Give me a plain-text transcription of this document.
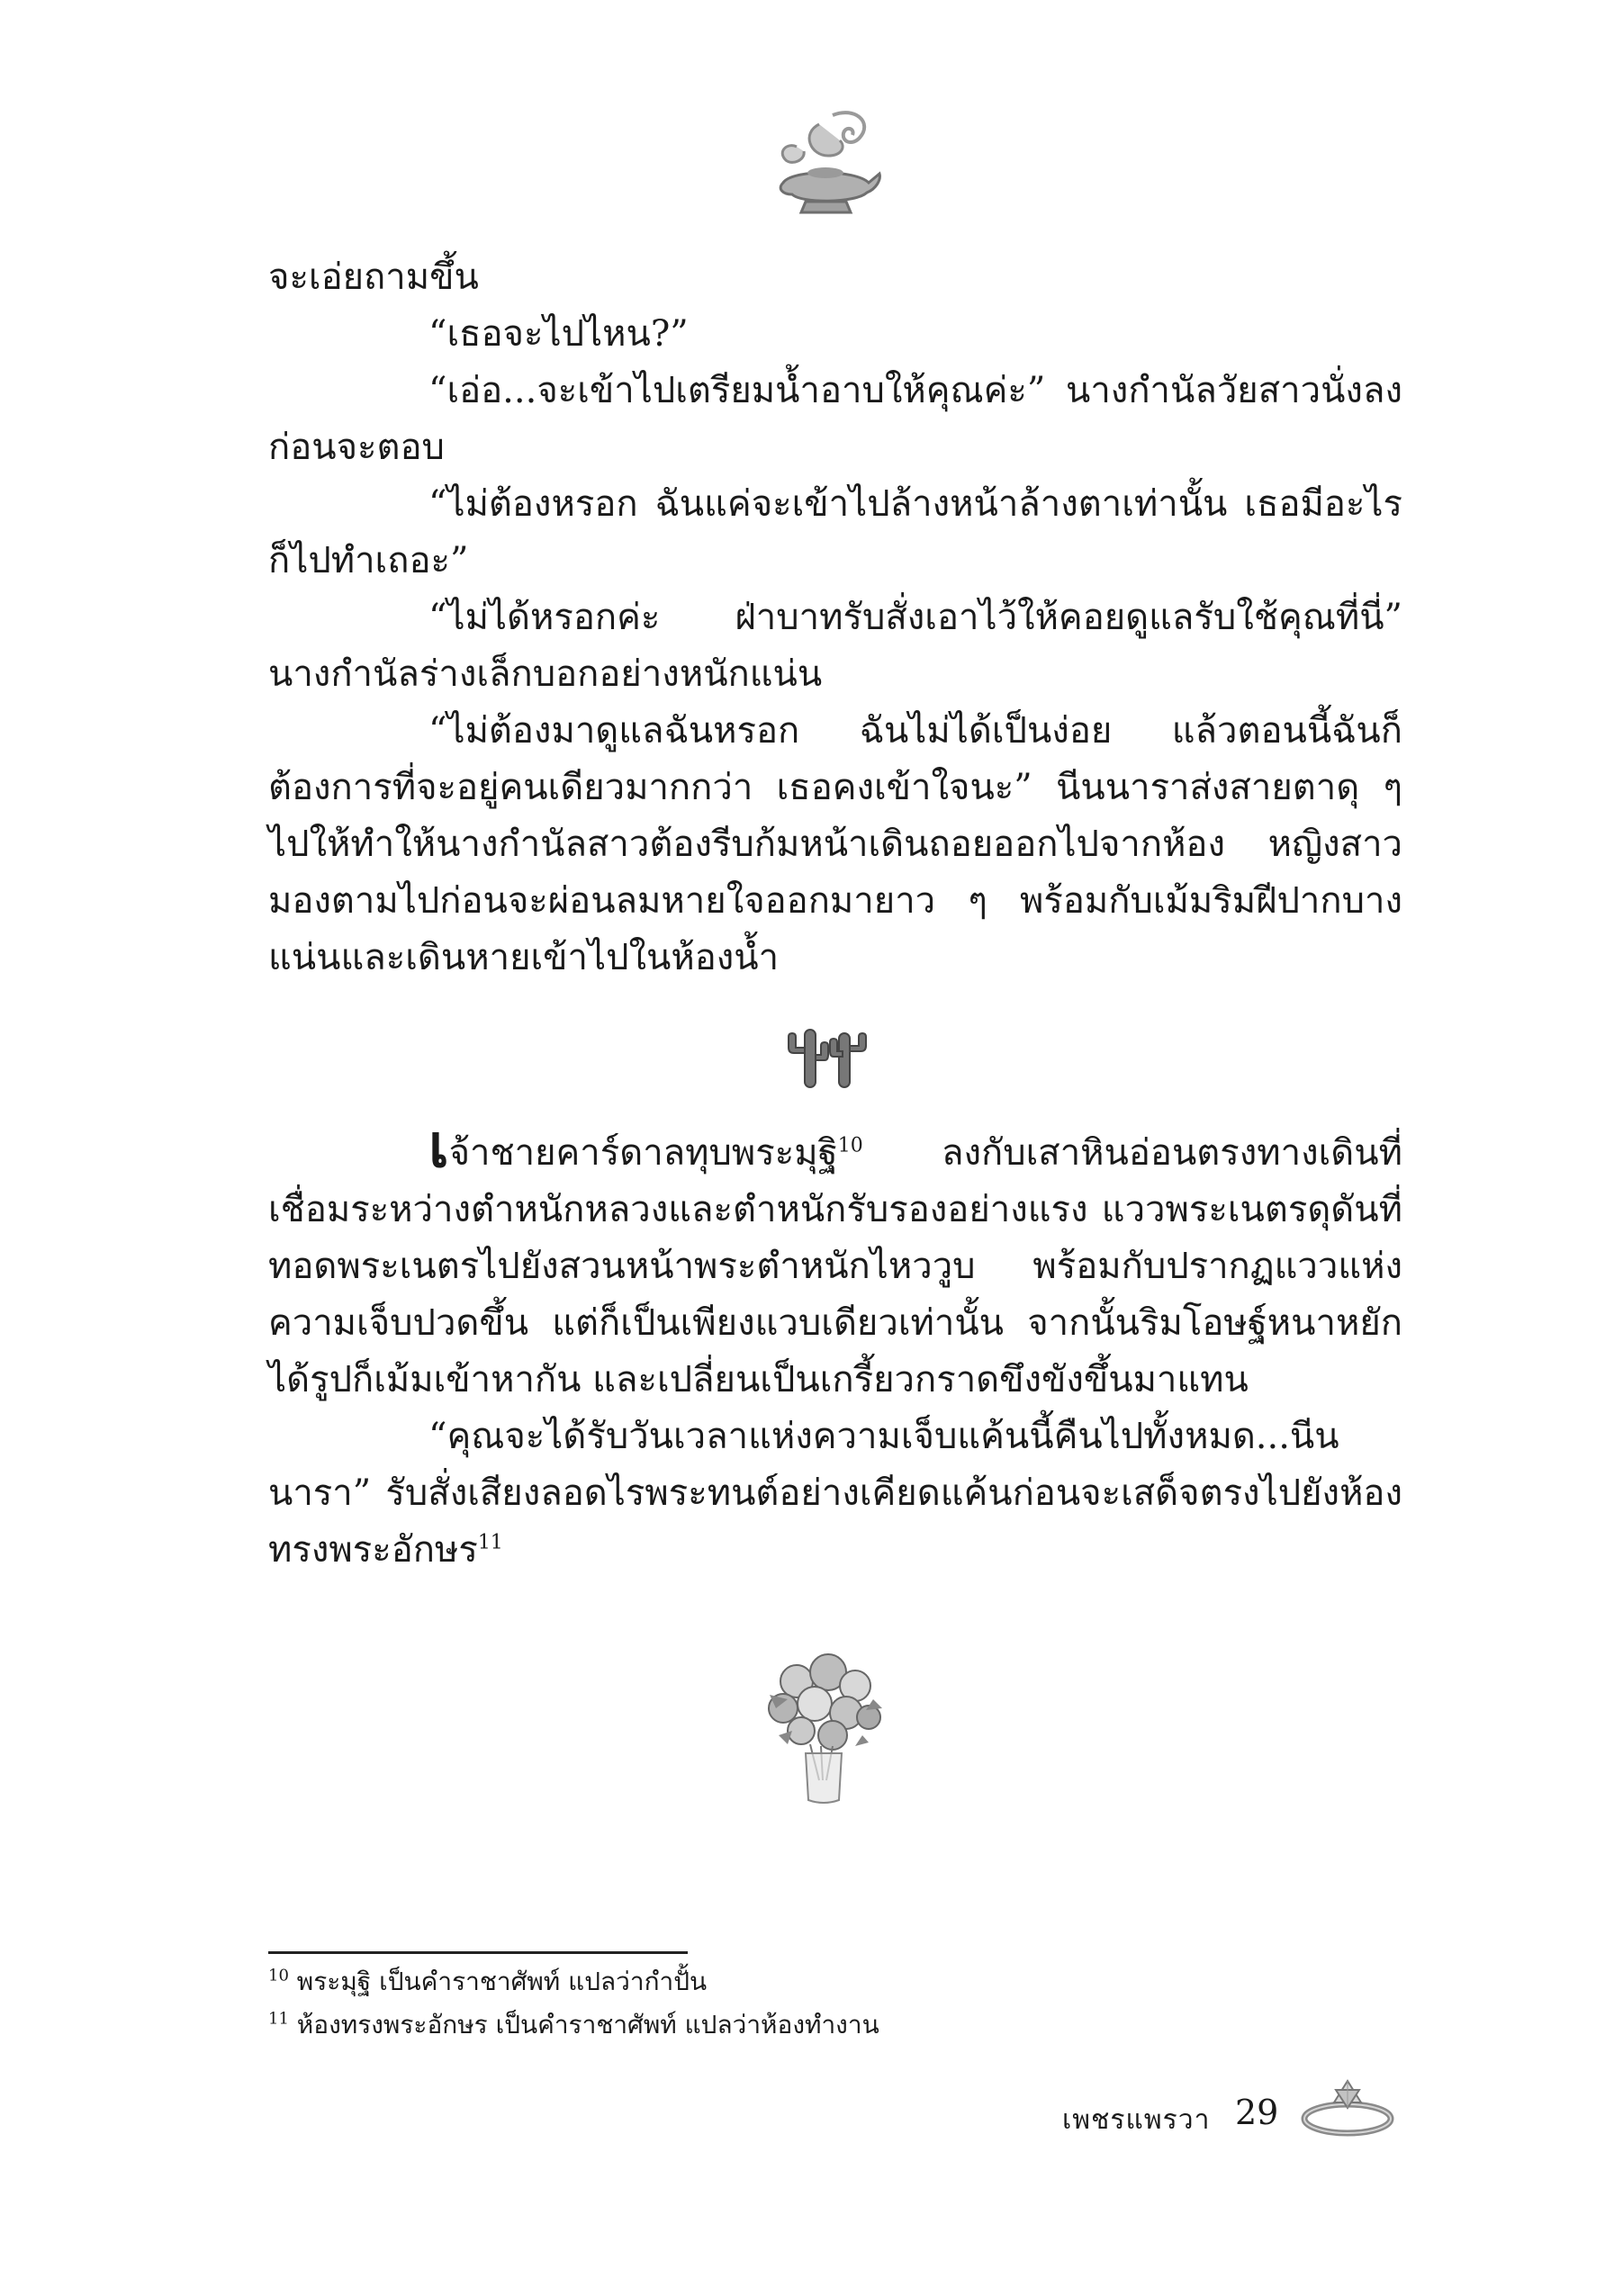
จะเอ่ยถามขึ้น

“เธอจะไปไหน?”

“เอ่อ...จะเข้าไปเตรียมน้ำอาบให้คุณค่ะ” นางกำนัลวัยสาวนั่งลงก่อนจะตอบ

“ไม่ต้องหรอก ฉันแค่จะเข้าไปล้างหน้าล้างตาเท่านั้น เธอมีอะไรก็ไปทำเถอะ”

“ไม่ได้หรอกค่ะ ฝ่าบาทรับสั่งเอาไว้ให้คอยดูแลรับใช้คุณที่นี่” นางกำนัลร่างเล็กบอกอย่างหนักแน่น

“ไม่ต้องมาดูแลฉันหรอก ฉันไม่ได้เป็นง่อย แล้วตอนนี้ฉันก็ต้องการที่จะอยู่คนเดียวมากกว่า เธอคงเข้าใจนะ” นีนนาราส่งสายตาดุ ๆ ไปให้ทำให้นางกำนัลสาวต้องรีบก้มหน้าเดินถอยออกไปจากห้อง หญิงสาวมองตามไปก่อนจะผ่อนลมหายใจออกมายาว ๆ พร้อมกับเม้มริมฝีปากบางแน่นและเดินหายเข้าไปในห้องน้ำ

เจ้าชายคาร์ดาลทุบพระมุฐิ$^{10}$ ลงกับเสาหินอ่อนตรงทางเดินที่เชื่อมระหว่างตำหนักหลวงและตำหนักรับรองอย่างแรง แววพระเนตรดุดันที่ทอดพระเนตรไปยังสวนหน้าพระตำหนักไหววูบ พร้อมกับปรากฏแววแห่งความเจ็บปวดขึ้น แต่ก็เป็นเพียงแวบเดียวเท่านั้น จากนั้นริมโอษฐ์หนาหยักได้รูปก็เม้มเข้าหากัน และเปลี่ยนเป็นเกรี้ยวกราดขึงขังขึ้นมาแทน

“คุณจะได้รับวันเวลาแห่งความเจ็บแค้นนี้คืนไปทั้งหมด...นีนนารา” รับสั่งเสียงลอดไรพระทนต์อย่างเคียดแค้นก่อนจะเสด็จตรงไปยังห้องทรงพระอักษร$^{11}$

$^{10}$ พระมุฐิ เป็นคำราชาศัพท์ แปลว่ากำปั้น
$^{11}$ ห้องทรงพระอักษร เป็นคำราชาศัพท์ แปลว่าห้องทำงาน
เพชรแพรวา 29
